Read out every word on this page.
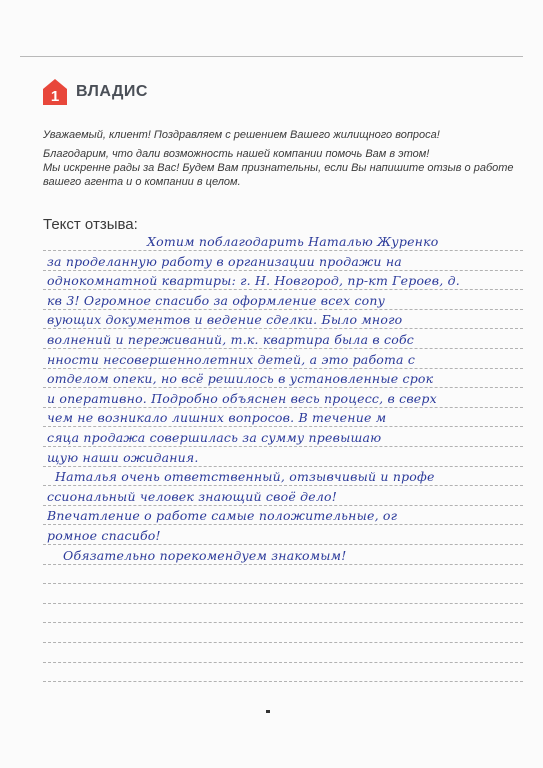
1 ВЛАДИС

Уважаемый, клиент! Поздравляем с решением Вашего жилищного вопроса!

Благодарим, что дали возможность нашей компании помочь Вам в этом!

Мы искренне рады за Вас! Будем Вам признательны, если Вы напишите отзыв о работе вашего агента и о компании в целом.

Текст отзыва:
Хотим поблагодарить Наталью Журенко
за проделанную работу в организации продажи на
однокомнатной квартиры: г. Н. Новгород, пр-кт Героев, д.
кв 3! Огромное спасибо за оформление всех сопу
вующих документов и ведение сделки. Было много
волнений и переживаний, т.к. квартира была в собс
нности несовершеннолетних детей, а это работа с
отделом опеки, но всё решилось в установленные срок
и оперативно. Подробно объяснен весь процесс, в сверх
чем не возникало лишних вопросов. В течение м
сяца продажа совершилась за сумму превышаю
щую наши ожидания.
Наталья очень ответственный, отзывчивый и профе
ссиональный человек знающий своё дело!
Впечатление о работе самые положительные, ог
ромное спасибо!
Обязательно порекомендуем знакомым!
